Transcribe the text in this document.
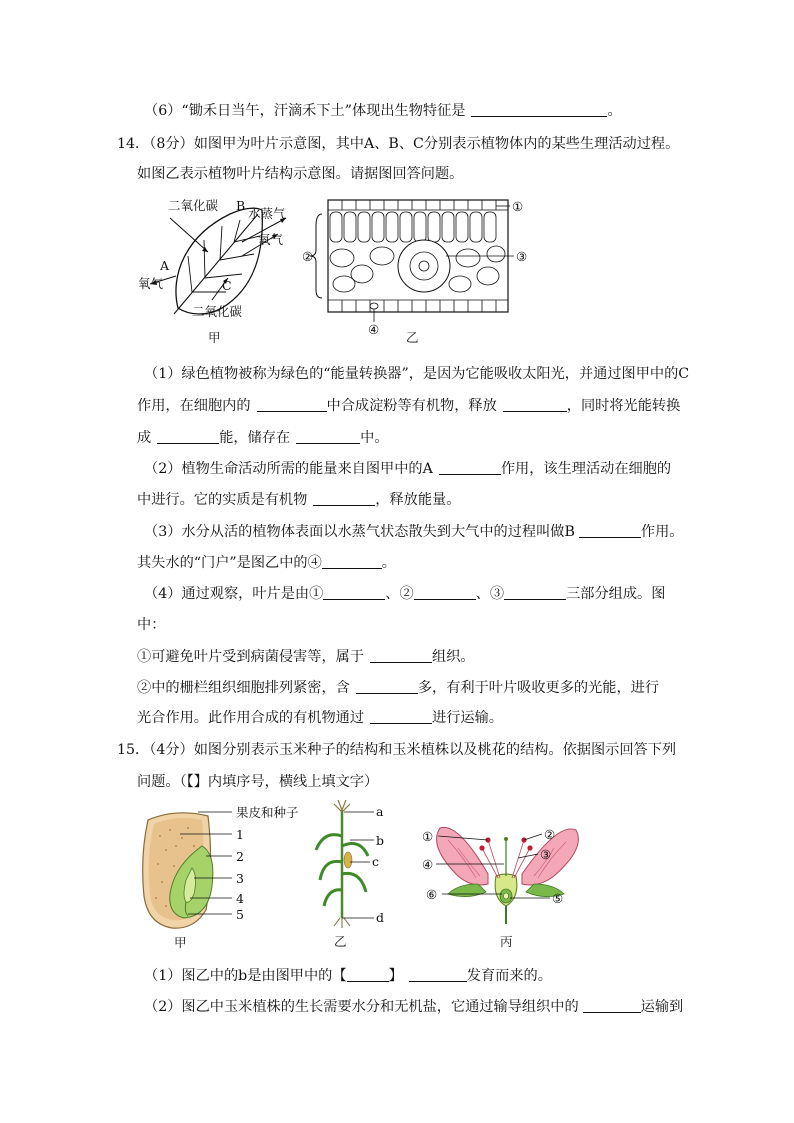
（6）“锄禾日当午，汗滴禾下土”体现出生物特征是	。
14．（8分）如图甲为叶片示意图，其中A、B、C分别表示植物体内的某些生理活动过程。
如图乙表示植物叶片结构示意图。请据图回答问题。
二氧化碳 B
水蒸气
氧气
A
氧气	C
二氧化碳
甲
①
②	③
④
乙
（1）绿色植物被称为绿色的“能量转换器”，是因为它能吸收太阳光，并通过图甲中的C
作用，在细胞内的	中合成淀粉等有机物，释放	，同时将光能转换
成	能，储存在	中。
（2）植物生命活动所需的能量来自图甲中的A	作用，该生理活动在细胞的
中进行。它的实质是有机物	，释放能量。
（3）水分从活的植物体表面以水蒸气状态散失到大气中的过程叫做B	作用。
其失水的“门户”是图乙中的④	。
（4）通过观察，叶片是由①	、②	、③	三部分组成。图
中：
①可避免叶片受到病菌侵害等，属于	组织。
②中的栅栏组织细胞排列紧密，含	多，有利于叶片吸收更多的光能，进行
光合作用。此作用合成的有机物通过	进行运输。
15．（4分）如图分别表示玉米种子的结构和玉米植株以及桃花的结构。依据图示回答下列
问题。（【】内填序号，横线上填文字）
果皮和种子
1
2
3
4
5
甲
a
b
c
d
乙
①	②
④
③
⑥	⑤
丙
（1）图乙中的b是由图甲中的【	】	发育而来的。
（2）图乙中玉米植株的生长需要水分和无机盐，它通过输导组织中的	运输到
